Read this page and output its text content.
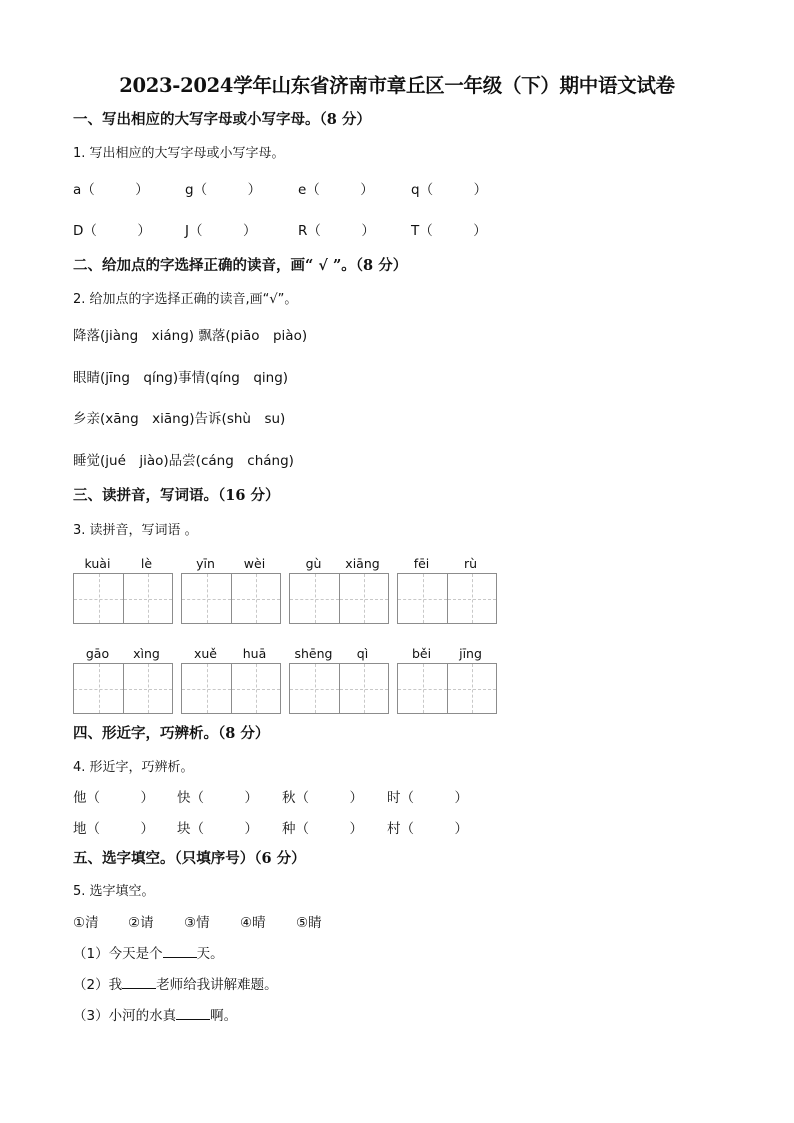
2023-2024学年山东省济南市章丘区一年级（下）期中语文试卷
一、写出相应的大写字母或小写字母。（8 分）
1. 写出相应的大写字母或小写字母。
a（　　　）	g（　　　）	e（　　　）	q（　　　）
D（　　　）	J（　　　）	R（　　　）	T（　　　）
二、给加点的字选择正确的读音，画“ √ ”。（8 分）
2. 给加点的字选择正确的读音,画“√”。
降落(jiàng　xiáng) 飘落(piāo　piào)
眼睛(jīng　qíng)事情(qíng　qing)
乡亲(xāng　xiāng)告诉(shù　su)
睡觉(jué　jiào)品尝(cáng　cháng)
三、读拼音，写词语。（16 分）
3. 读拼音，写词语 。
kuài	lè	yīn	wèi	gù	xiāng	fēi	rù
gāo	xìng	xuě	huā	shēng	qì	běi	jīng
四、形近字，巧辨析。（8 分）
4. 形近字，巧辨析。
他（　　　） 快（　　　） 秋（　　　） 时（　　　）
地（　　　） 块（　　　） 种（　　　） 村（　　　）
五、选字填空。（只填序号）（6 分）
5. 选字填空。
①清 ②请 ③情 ④晴 ⑤睛
（1）今天是个	天。
（2）我	老师给我讲解难题。
（3）小河的水真	啊。
